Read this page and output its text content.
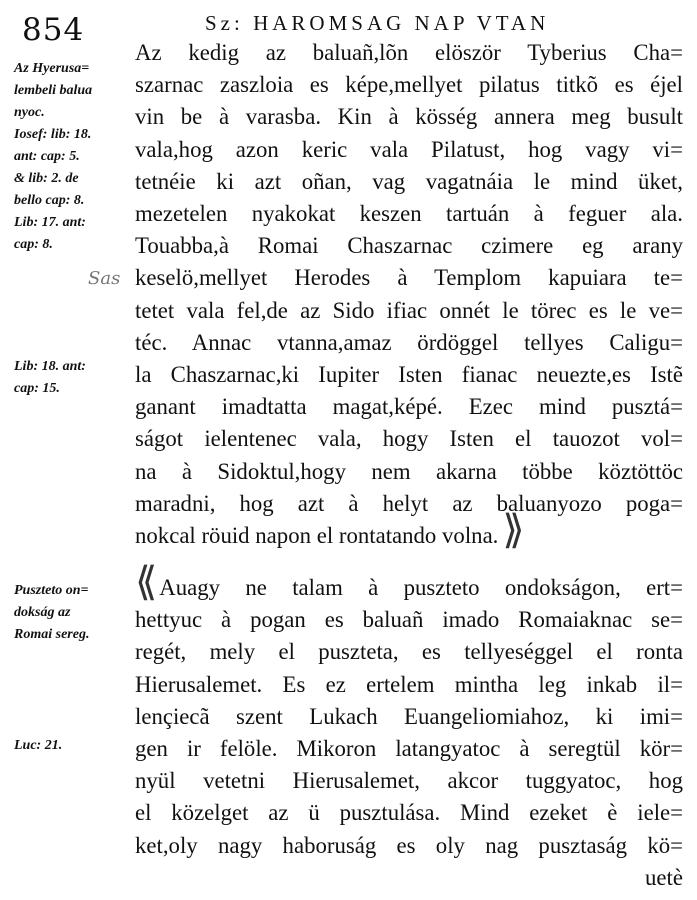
854	Sz: HAROMSAG NAP VTAN
Az Hyerusa=
lembeli balua
nyoc.
Iosef: lib: 18.
ant: cap: 5.
& lib: 2. de
bello cap: 8.
Lib: 17. ant:
cap: 8.
Sas
Lib: 18. ant:
cap: 15.
Puszteto on=
dokság az
Romai sereg.
Luc: 21.
Az kedig az baluañ,lõn elöször Tyberius Cha=
szarnac zaszloia es képe,mellyet pilatus titkõ es éjel
vin be à varasba. Kin à kösség annera meg busult
vala,hog azon keric vala Pilatust, hog vagy vi=
tetnéie ki azt oñan, vag vagatnáia le mind üket,
mezetelen nyakokat keszen tartuán à feguer ala.
Touabba,à Romai Chaszarnac czimere eg arany
keselö,mellyet Herodes à Templom kapuiara te=
tetet vala fel,de az Sido ifiac onnét le törec es le ve=
téc. Annac vtanna,amaz ördöggel tellyes Caligu=
la Chaszarnac,ki Iupiter Isten fianac neuezte,es Istẽ
ganant imadtatta magat,képé. Ezec mind pusztá=
ságot ielentenec vala, hogy Isten el tauozot vol=
na à Sidoktul,hogy nem akarna többe köztöttöc
maradni, hog azt à helyt az baluanyozo poga=
nokcal röuid napon el rontatando volna. ⟫
⟪Auagy ne talam à puszteto ondokságon, ert=
hettyuc à pogan es baluañ imado Romaiaknac se=
regét, mely el puszteta, es tellyeséggel el ronta
Hierusalemet. Es ez ertelem mintha leg inkab il=
lençiecã szent Lukach Euangeliomiahoz, ki imi=
gen ir felöle. Mikoron latangyatoc à seregtül kör=
nyül vetetni Hierusalemet, akcor tuggyatoc, hog
el közelget az ü pusztulása. Mind ezeket è iele=
ket,oly nagy haboruság es oly nag pusztaság kö=
uetè
